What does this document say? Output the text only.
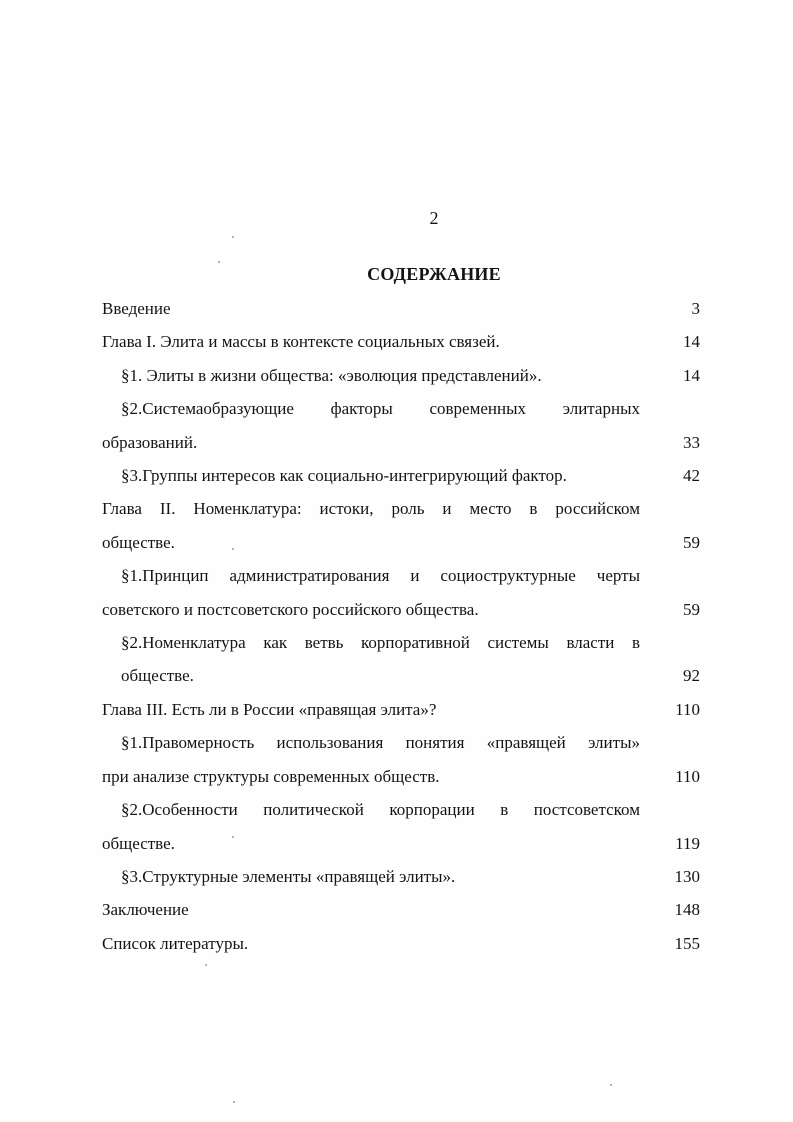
2
СОДЕРЖАНИЕ
Введение	3
Глава I. Элита и массы в контексте социальных связей.	14
§1. Элиты в жизни общества: «эволюция представлений».	14
§2.Системаобразующие факторы современных элитарных
образований.	33
§3.Группы интересов как социально-интегрирующий фактор.	42
Глава II. Номенклатура: истоки, роль и место в российском
обществе.	59
§1.Принцип администратирования и социоструктурные черты
советского и постсоветского российского общества.	59
§2.Номенклатура как ветвь корпоративной системы власти в
обществе.	92
Глава III. Есть ли в России «правящая элита»?	110
§1.Правомерность использования понятия «правящей элиты»
при анализе структуры современных обществ.	110
§2.Особенности политической корпорации в постсоветском
обществе.	119
§3.Структурные элементы «правящей элиты».	130
Заключение	148
Список литературы.	155
